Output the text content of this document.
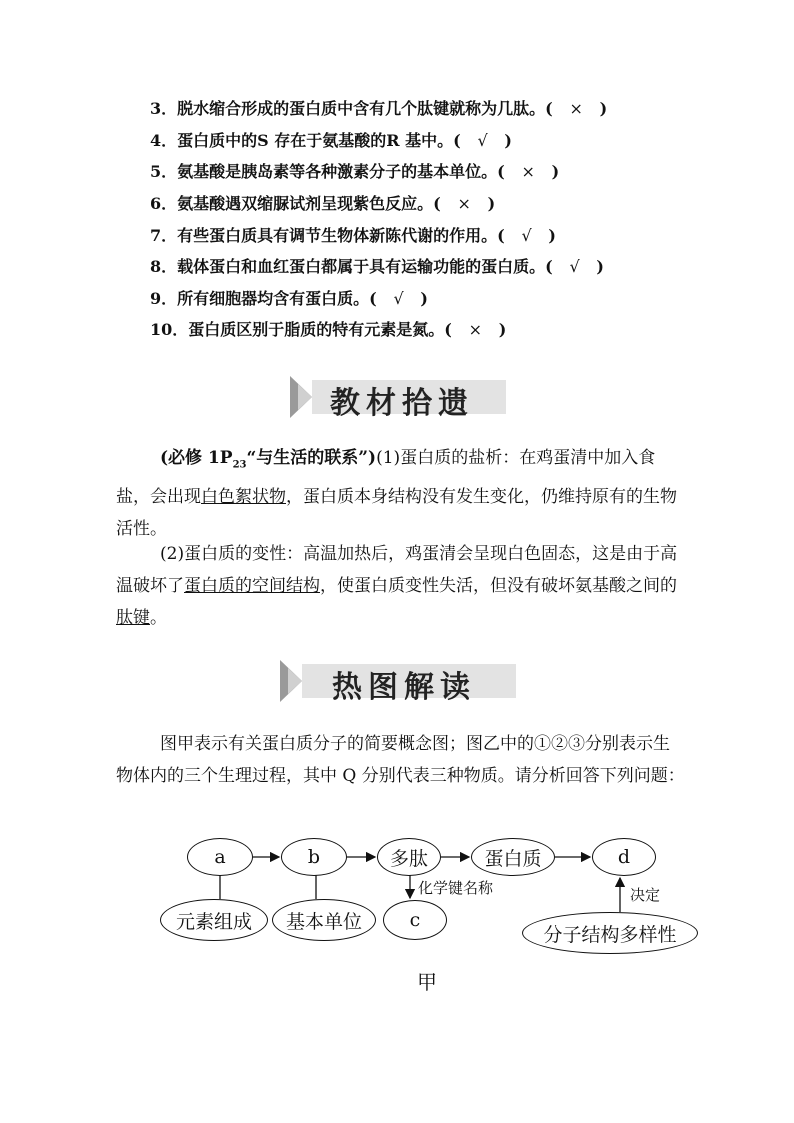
3．脱水缩合形成的蛋白质中含有几个肽键就称为几肽。( × )
4．蛋白质中的S 存在于氨基酸的R 基中。( √ )
5．氨基酸是胰岛素等各种激素分子的基本单位。( × )
6．氨基酸遇双缩脲试剂呈现紫色反应。( × )
7．有些蛋白质具有调节生物体新陈代谢的作用。( √ )
8．载体蛋白和血红蛋白都属于具有运输功能的蛋白质。( √ )
9．所有细胞器均含有蛋白质。( √ )
10．蛋白质区别于脂质的特有元素是氮。( × )
教材拾遗
(必修 $1P_{23}“$与生活的联系”)(1)蛋白质的盐析：在鸡蛋清中加入食盐，会出现白色絮状物，蛋白质本身结构没有发生变化，仍维持原有的生物活性。
(2)蛋白质的变性：高温加热后，鸡蛋清会呈现白色固态，这是由于高温破坏了蛋白质的空间结构，使蛋白质变性失活，但没有破坏氨基酸之间的肽键。
热图解读
图甲表示有关蛋白质分子的简要概念图；图乙中的①②③分别表示生物体内的三个生理过程，其中 Q 分别代表三种物质。请分析回答下列问题：
a	b	多肽	蛋白质	d
元素组成	基本单位	c
分子结构多样性
化学键名称	决定
甲
